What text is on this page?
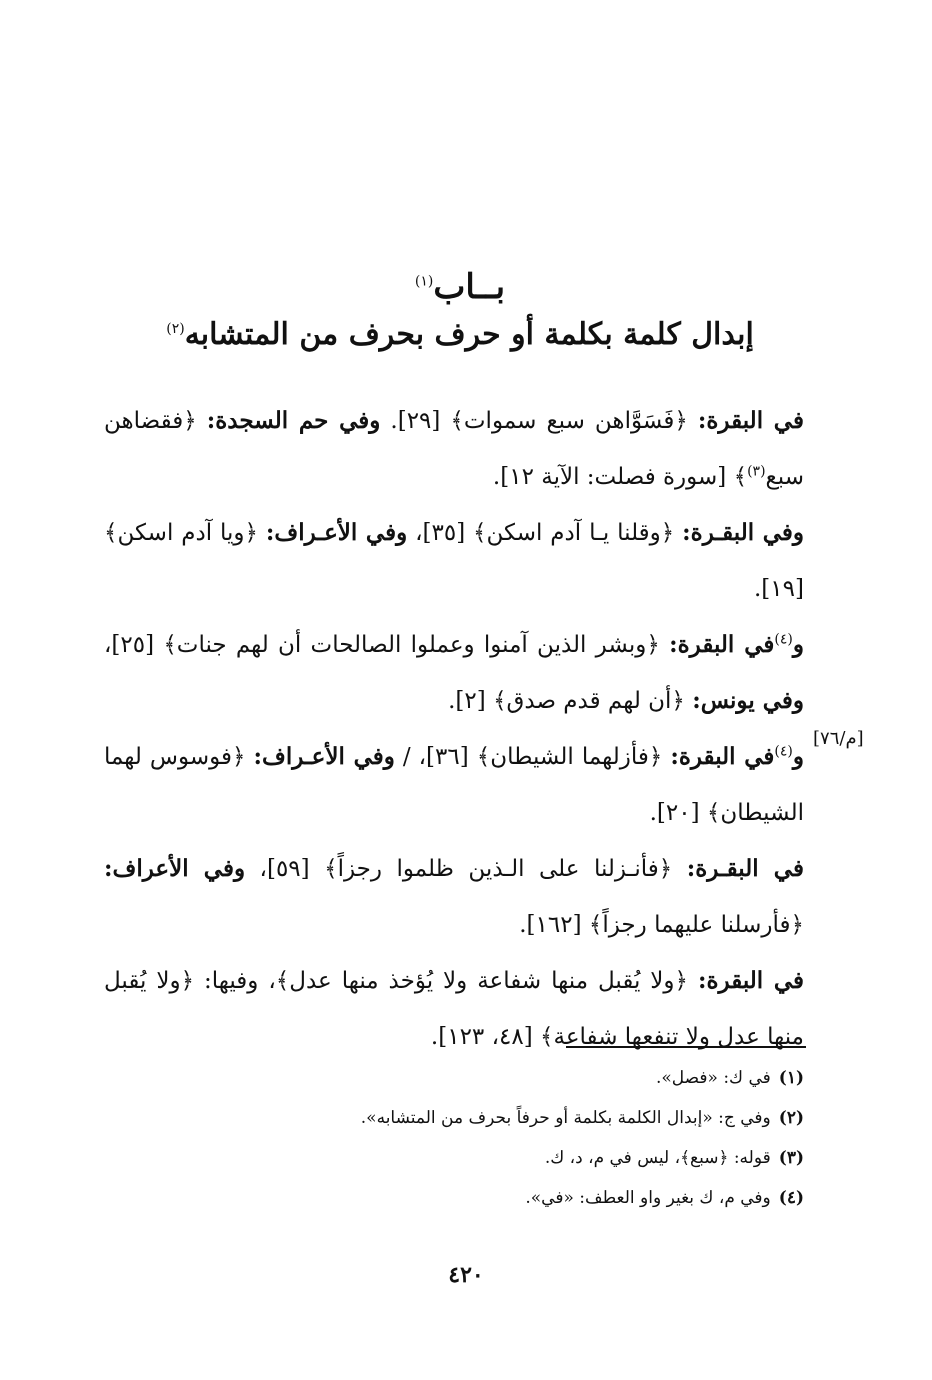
بــاب$^{(١)}$
إبدال كلمة بكلمة أو حرف بحرف من المتشابه$^{(٢)}$

في البقرة: ﴿فَسَوَّاهن سبع سموات﴾ [٢٩]. وفي حم السجدة: ﴿فقضاهن سبع$^{(٣)}$﴾ [سورة فصلت: الآية ١٢].

وفي البقـرة: ﴿وقلنا يـا آدم اسكن﴾ [٣٥]، وفي الأعـراف: ﴿ويا آدم اسكن﴾ [١٩].

و$^{(٤)}$في البقرة: ﴿وبشر الذين آمنوا وعملوا الصالحات أن لهم جنات﴾ [٢٥]، وفي يونس: ﴿أن لهم قدم صدق﴾ [٢].

و$^{(٤)}$في البقرة: ﴿فأزلهما الشيطان﴾ [٣٦]، / وفي الأعـراف: ﴿فوسوس لهما الشيطان﴾ [٢٠].

في البقـرة: ﴿فأنـزلنا على الـذين ظلموا رجزاً﴾ [٥٩]، وفي الأعراف: ﴿فأرسلنا عليهما رجزاً﴾ [١٦٢].

في البقرة: ﴿ولا يُقبل منها شفاعة ولا يُؤخذ منها عدل﴾، وفيها: ﴿ولا يُقبل منها عدل ولا تنفعها شفاعة﴾ [٤٨، ١٢٣].

[م/٧٦]
(١)في ك: «فصل».
(٢)وفي ج: «إبدال الكلمة بكلمة أو حرفاً بحرف من المتشابه».
(٣)قوله: ﴿سبع﴾، ليس في م، د، ك.
(٤)وفي م، ك بغير واو العطف: «في».
٤٢٠
